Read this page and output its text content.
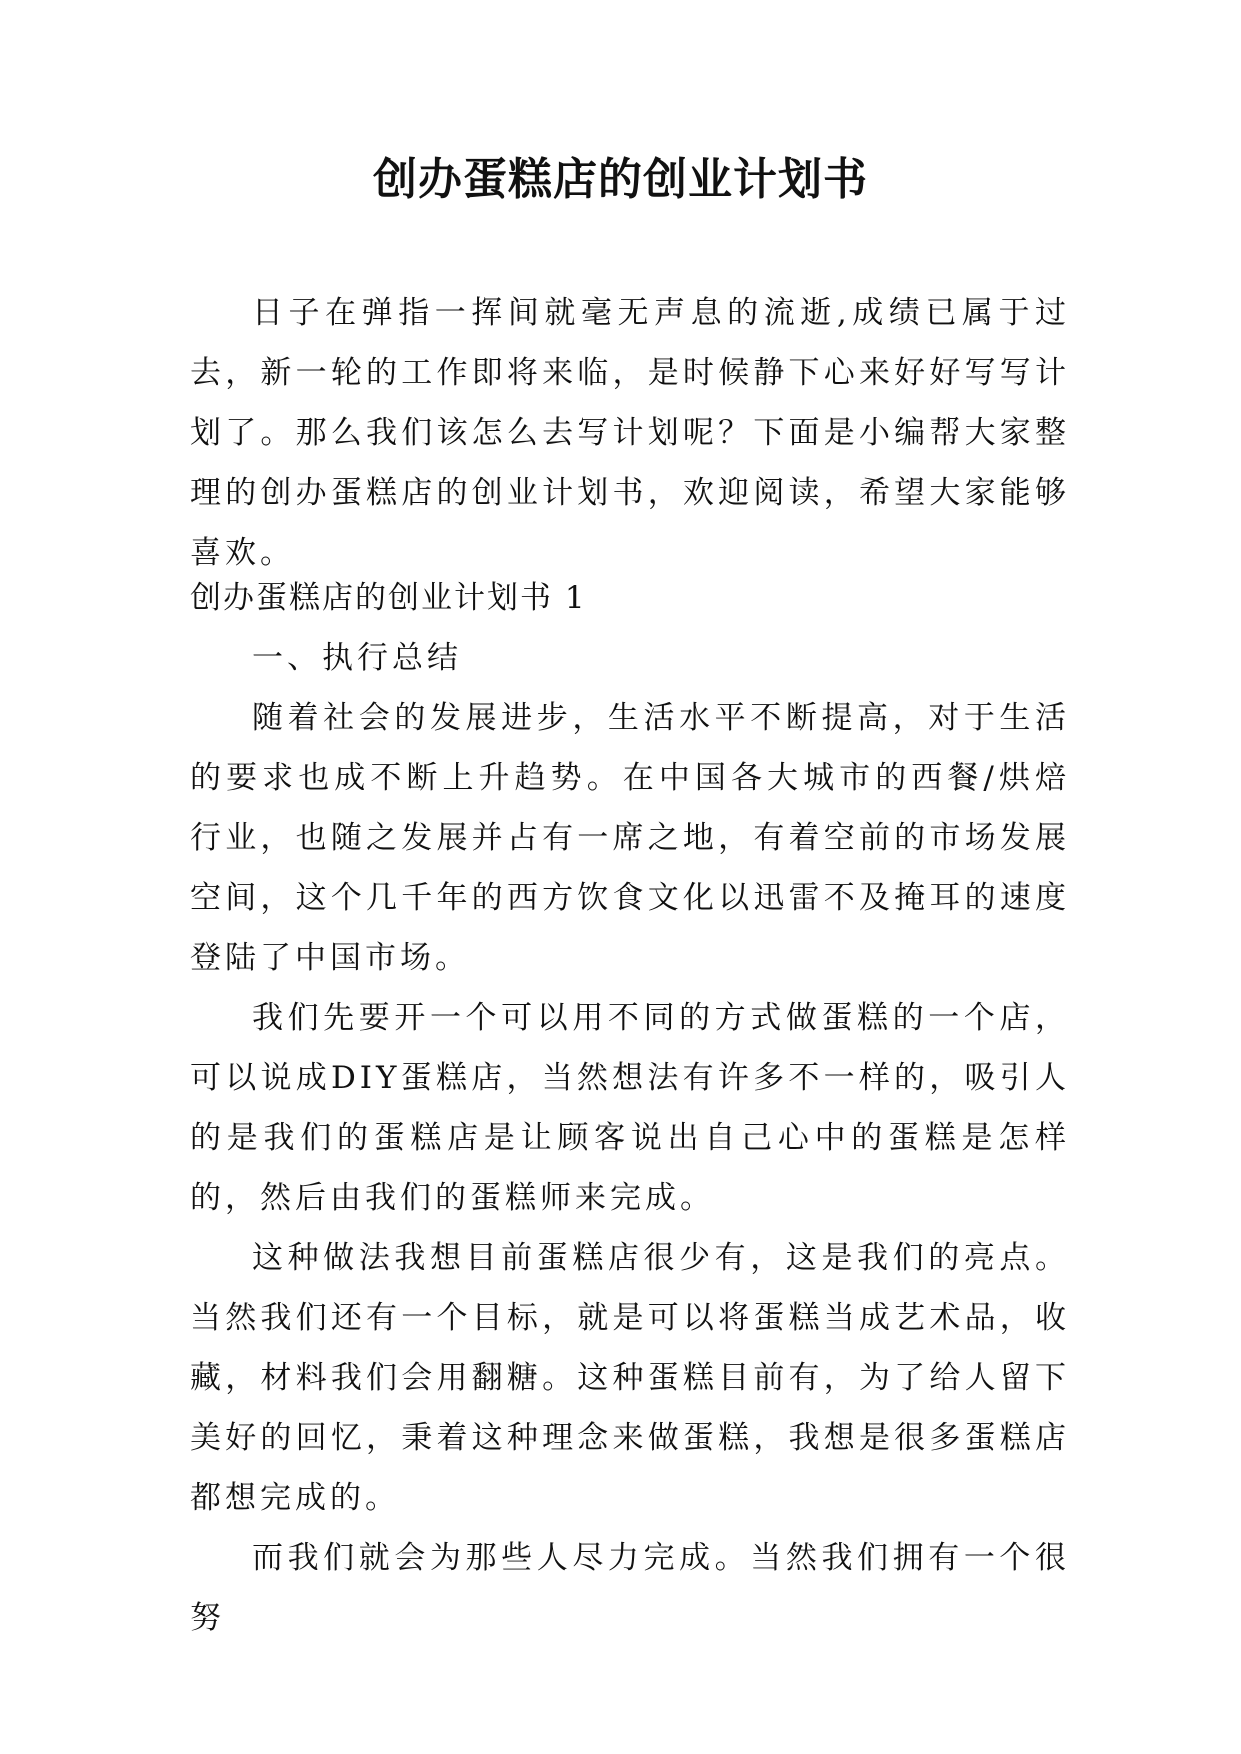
创办蛋糕店的创业计划书

日子在弹指一挥间就毫无声息的流逝,成绩已属于过去，新一轮的工作即将来临，是时候静下心来好好写写计划了。那么我们该怎么去写计划呢？下面是小编帮大家整理的创办蛋糕店的创业计划书，欢迎阅读，希望大家能够喜欢。

创办蛋糕店的创业计划书 1

一、执行总结

随着社会的发展进步，生活水平不断提高，对于生活的要求也成不断上升趋势。在中国各大城市的西餐/烘焙行业，也随之发展并占有一席之地，有着空前的市场发展空间，这个几千年的西方饮食文化以迅雷不及掩耳的速度登陆了中国市场。

我们先要开一个可以用不同的方式做蛋糕的一个店，可以说成DIY蛋糕店，当然想法有许多不一样的，吸引人的是我们的蛋糕店是让顾客说出自己心中的蛋糕是怎样的，然后由我们的蛋糕师来完成。

这种做法我想目前蛋糕店很少有，这是我们的亮点。当然我们还有一个目标，就是可以将蛋糕当成艺术品，收藏，材料我们会用翻糖。这种蛋糕目前有，为了给人留下美好的回忆，秉着这种理念来做蛋糕，我想是很多蛋糕店都想完成的。

而我们就会为那些人尽力完成。当然我们拥有一个很努
